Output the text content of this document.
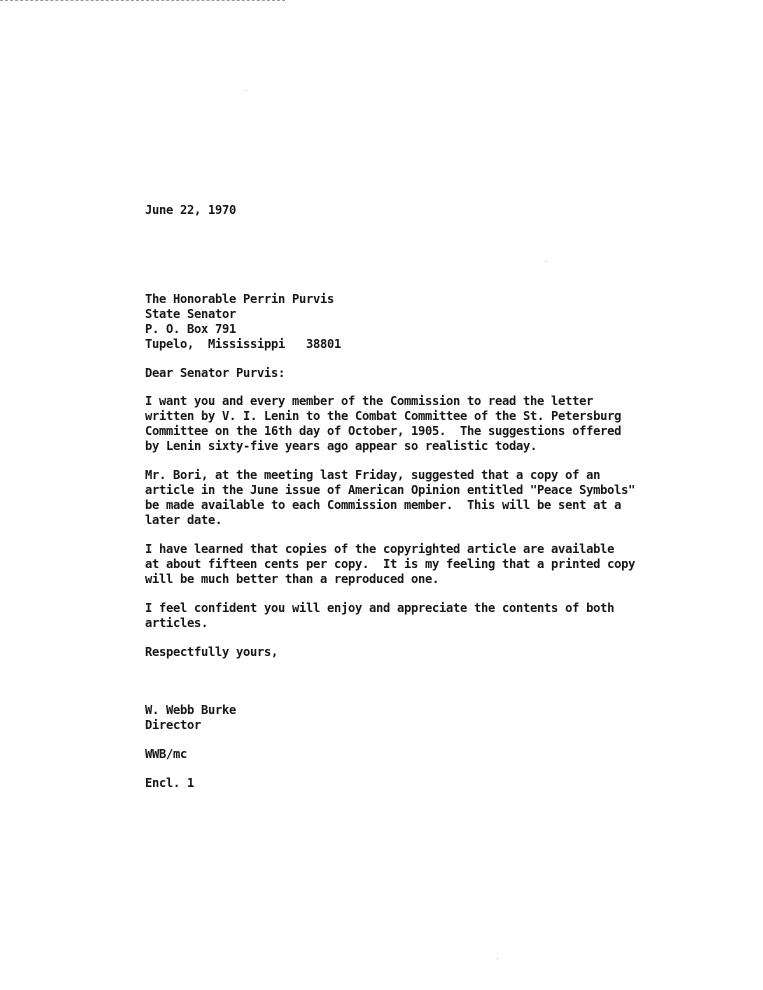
June 22, 1970
The Honorable Perrin Purvis
State Senator
P. O. Box 791
Tupelo,  Mississippi   38801
Dear Senator Purvis:
I want you and every member of the Commission to read the letter
written by V. I. Lenin to the Combat Committee of the St. Petersburg
Committee on the 16th day of October, 1905.  The suggestions offered
by Lenin sixty-five years ago appear so realistic today.
Mr. Bori, at the meeting last Friday, suggested that a copy of an
article in the June issue of American Opinion entitled "Peace Symbols"
be made available to each Commission member.  This will be sent at a
later date.
I have learned that copies of the copyrighted article are available
at about fifteen cents per copy.  It is my feeling that a printed copy
will be much better than a reproduced one.
I feel confident you will enjoy and appreciate the contents of both
articles.
Respectfully yours,
W. Webb Burke
Director
WWB/mc
Encl. 1
